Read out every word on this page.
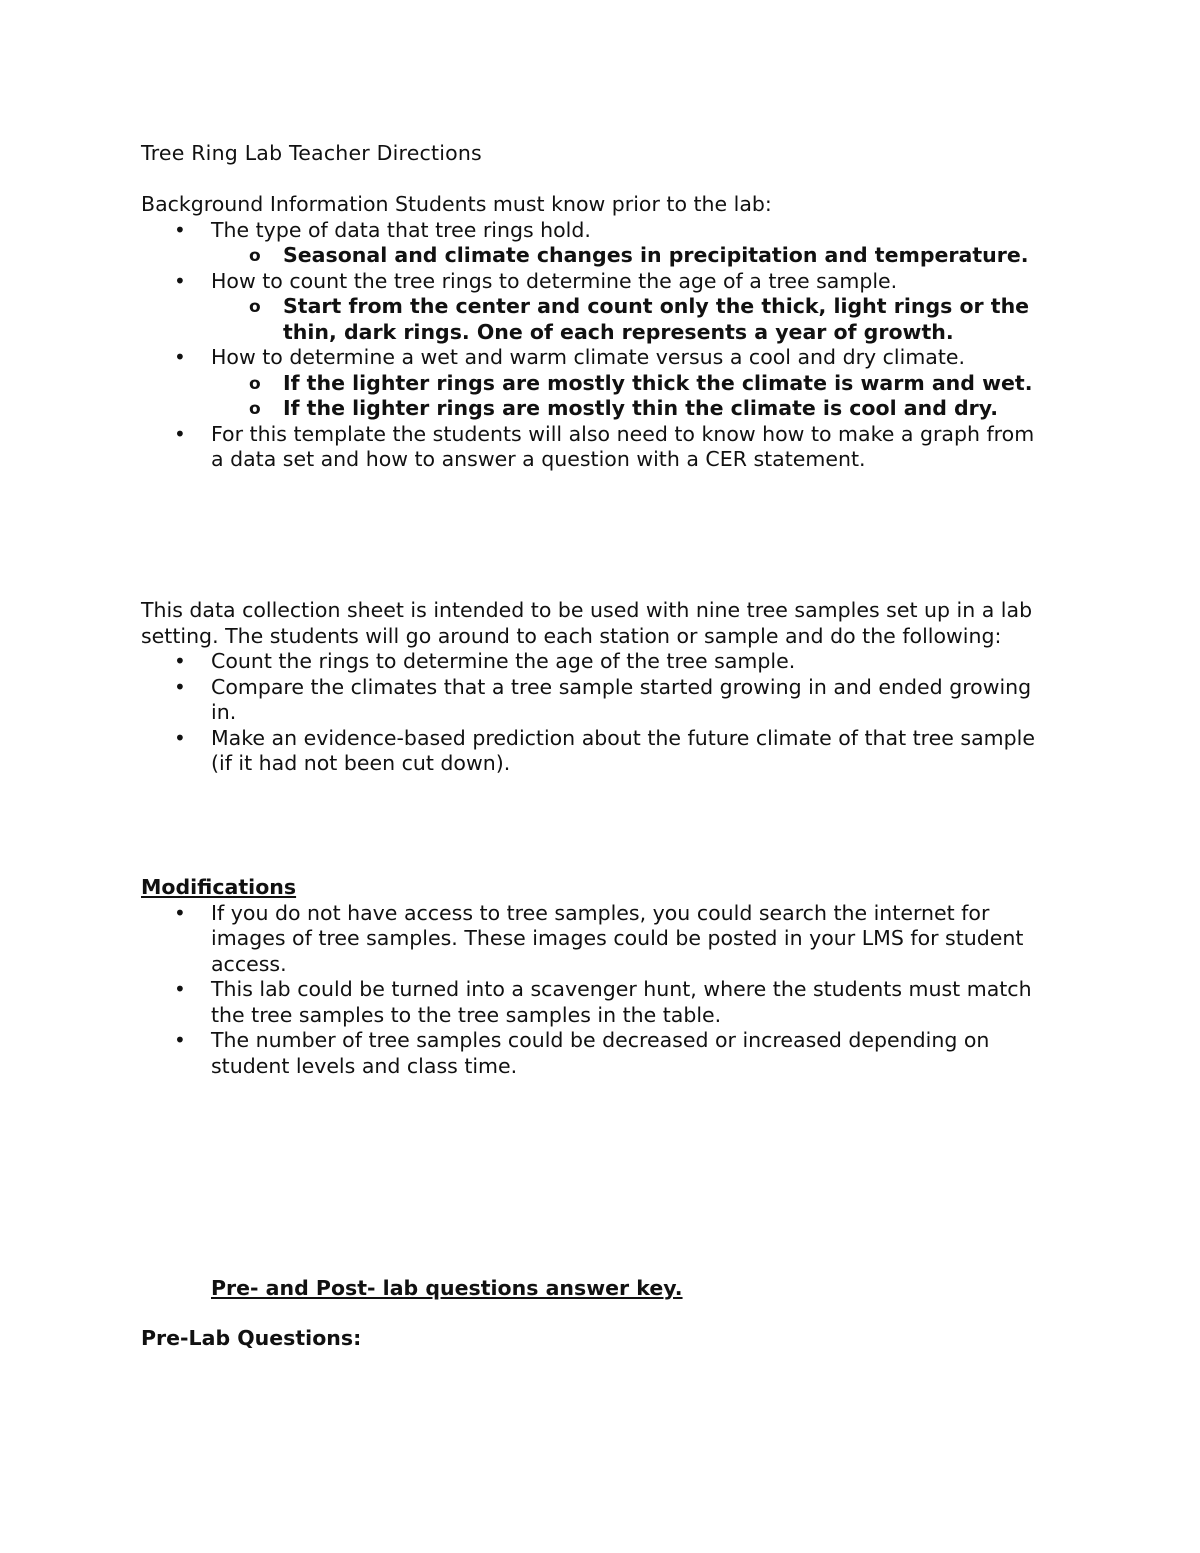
Tree Ring Lab Teacher Directions
Background Information Students must know prior to the lab:
• The type of data that tree rings hold.
o Seasonal and climate changes in precipitation and temperature.
• How to count the tree rings to determine the age of a tree sample.
o Start from the center and count only the thick, light rings or the thin, dark rings. One of each represents a year of growth.
• How to determine a wet and warm climate versus a cool and dry climate.
o If the lighter rings are mostly thick the climate is warm and wet.
o If the lighter rings are mostly thin the climate is cool and dry.
• For this template the students will also need to know how to make a graph from a data set and how to answer a question with a CER statement.
This data collection sheet is intended to be used with nine tree samples set up in a lab setting. The students will go around to each station or sample and do the following:
• Count the rings to determine the age of the tree sample.
• Compare the climates that a tree sample started growing in and ended growing in.
• Make an evidence-based prediction about the future climate of that tree sample (if it had not been cut down).
Modifications
• If you do not have access to tree samples, you could search the internet for images of tree samples. These images could be posted in your LMS for student access.
• This lab could be turned into a scavenger hunt, where the students must match the tree samples to the tree samples in the table.
• The number of tree samples could be decreased or increased depending on student levels and class time.
Pre- and Post- lab questions answer key.
Pre-Lab Questions:
